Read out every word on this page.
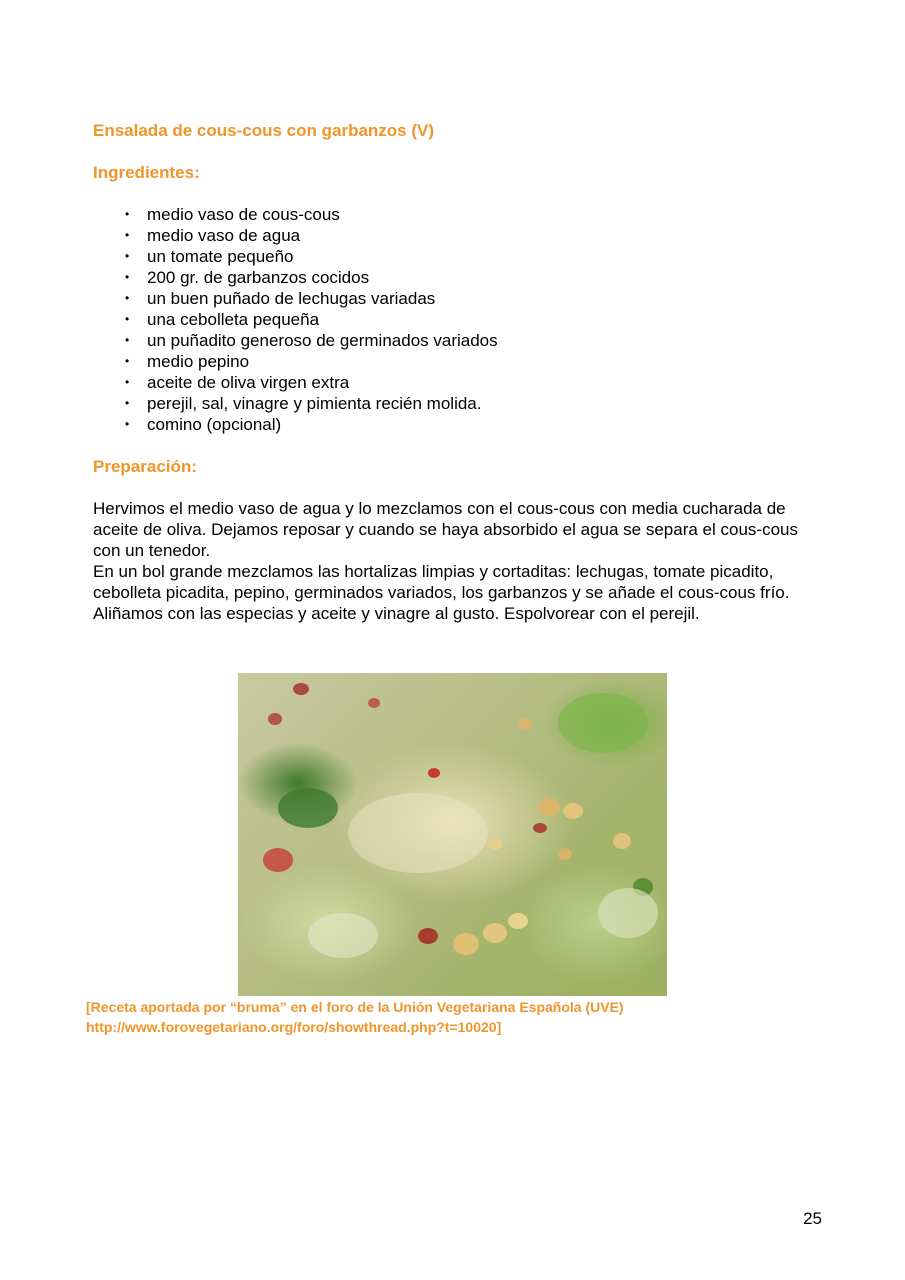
Ensalada de cous-cous con garbanzos (V)
Ingredientes:
• medio vaso de cous-cous
• medio vaso de agua
• un tomate pequeño
• 200 gr. de garbanzos cocidos
• un buen puñado de lechugas variadas
• una cebolleta pequeña
• un puñadito generoso de germinados variados
• medio pepino
• aceite de oliva virgen extra
• perejil, sal, vinagre y pimienta recién molida.
• comino (opcional)
Preparación:

Hervimos el medio vaso de agua y lo mezclamos con el cous-cous con media cucharada de aceite de oliva. Dejamos reposar y cuando se haya absorbido el agua se separa el cous-cous con un tenedor.

En un bol grande mezclamos las hortalizas limpias y cortaditas: lechugas, tomate picadito, cebolleta picadita, pepino, germinados variados, los garbanzos y se añade el cous-cous frío. Aliñamos con las especias y aceite y vinagre al gusto. Espolvorear con el perejil.

[Receta aportada por “bruma” en el foro de la Unión Vegetariana Española (UVE)
http://www.forovegetariano.org/foro/showthread.php?t=10020]
25
